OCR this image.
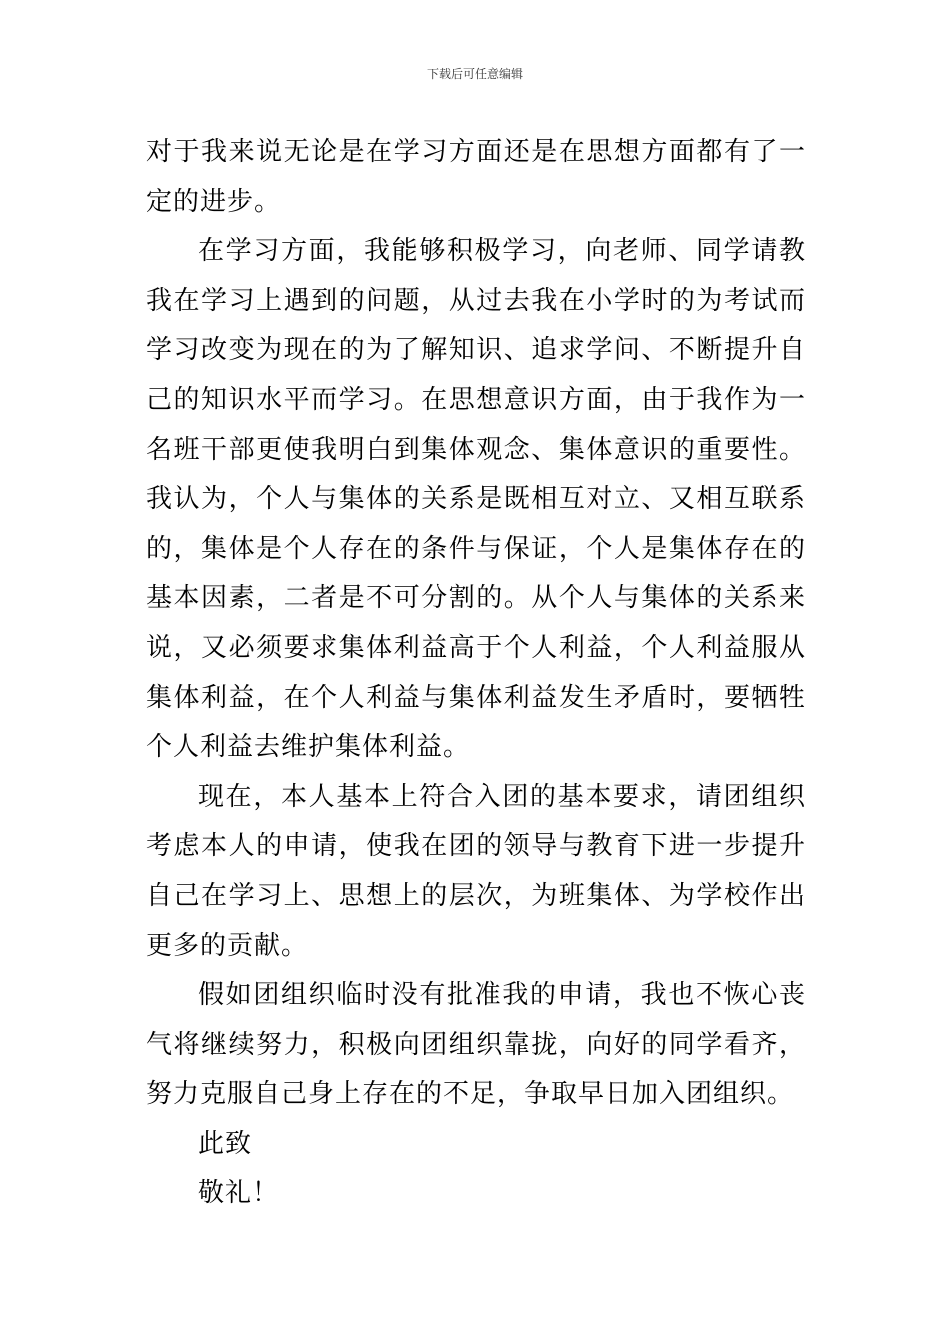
下载后可任意编辑

对于我来说无论是在学习方面还是在思想方面都有了一定的进步。

在学习方面，我能够积极学习，向老师、同学请教我在学习上遇到的问题，从过去我在小学时的为考试而学习改变为现在的为了解知识、追求学问、不断提升自己的知识水平而学习。在思想意识方面，由于我作为一名班干部更使我明白到集体观念、集体意识的重要性。我认为，个人与集体的关系是既相互对立、又相互联系的，集体是个人存在的条件与保证，个人是集体存在的基本因素，二者是不可分割的。从个人与集体的关系来说，又必须要求集体利益高于个人利益，个人利益服从集体利益，在个人利益与集体利益发生矛盾时，要牺牲个人利益去维护集体利益。

现在，本人基本上符合入团的基本要求，请团组织考虑本人的申请，使我在团的领导与教育下进一步提升自己在学习上、思想上的层次，为班集体、为学校作出更多的贡献。

假如团组织临时没有批准我的申请，我也不恢心丧气将继续努力，积极向团组织靠拢，向好的同学看齐，努力克服自己身上存在的不足，争取早日加入团组织。

此致

敬礼！
